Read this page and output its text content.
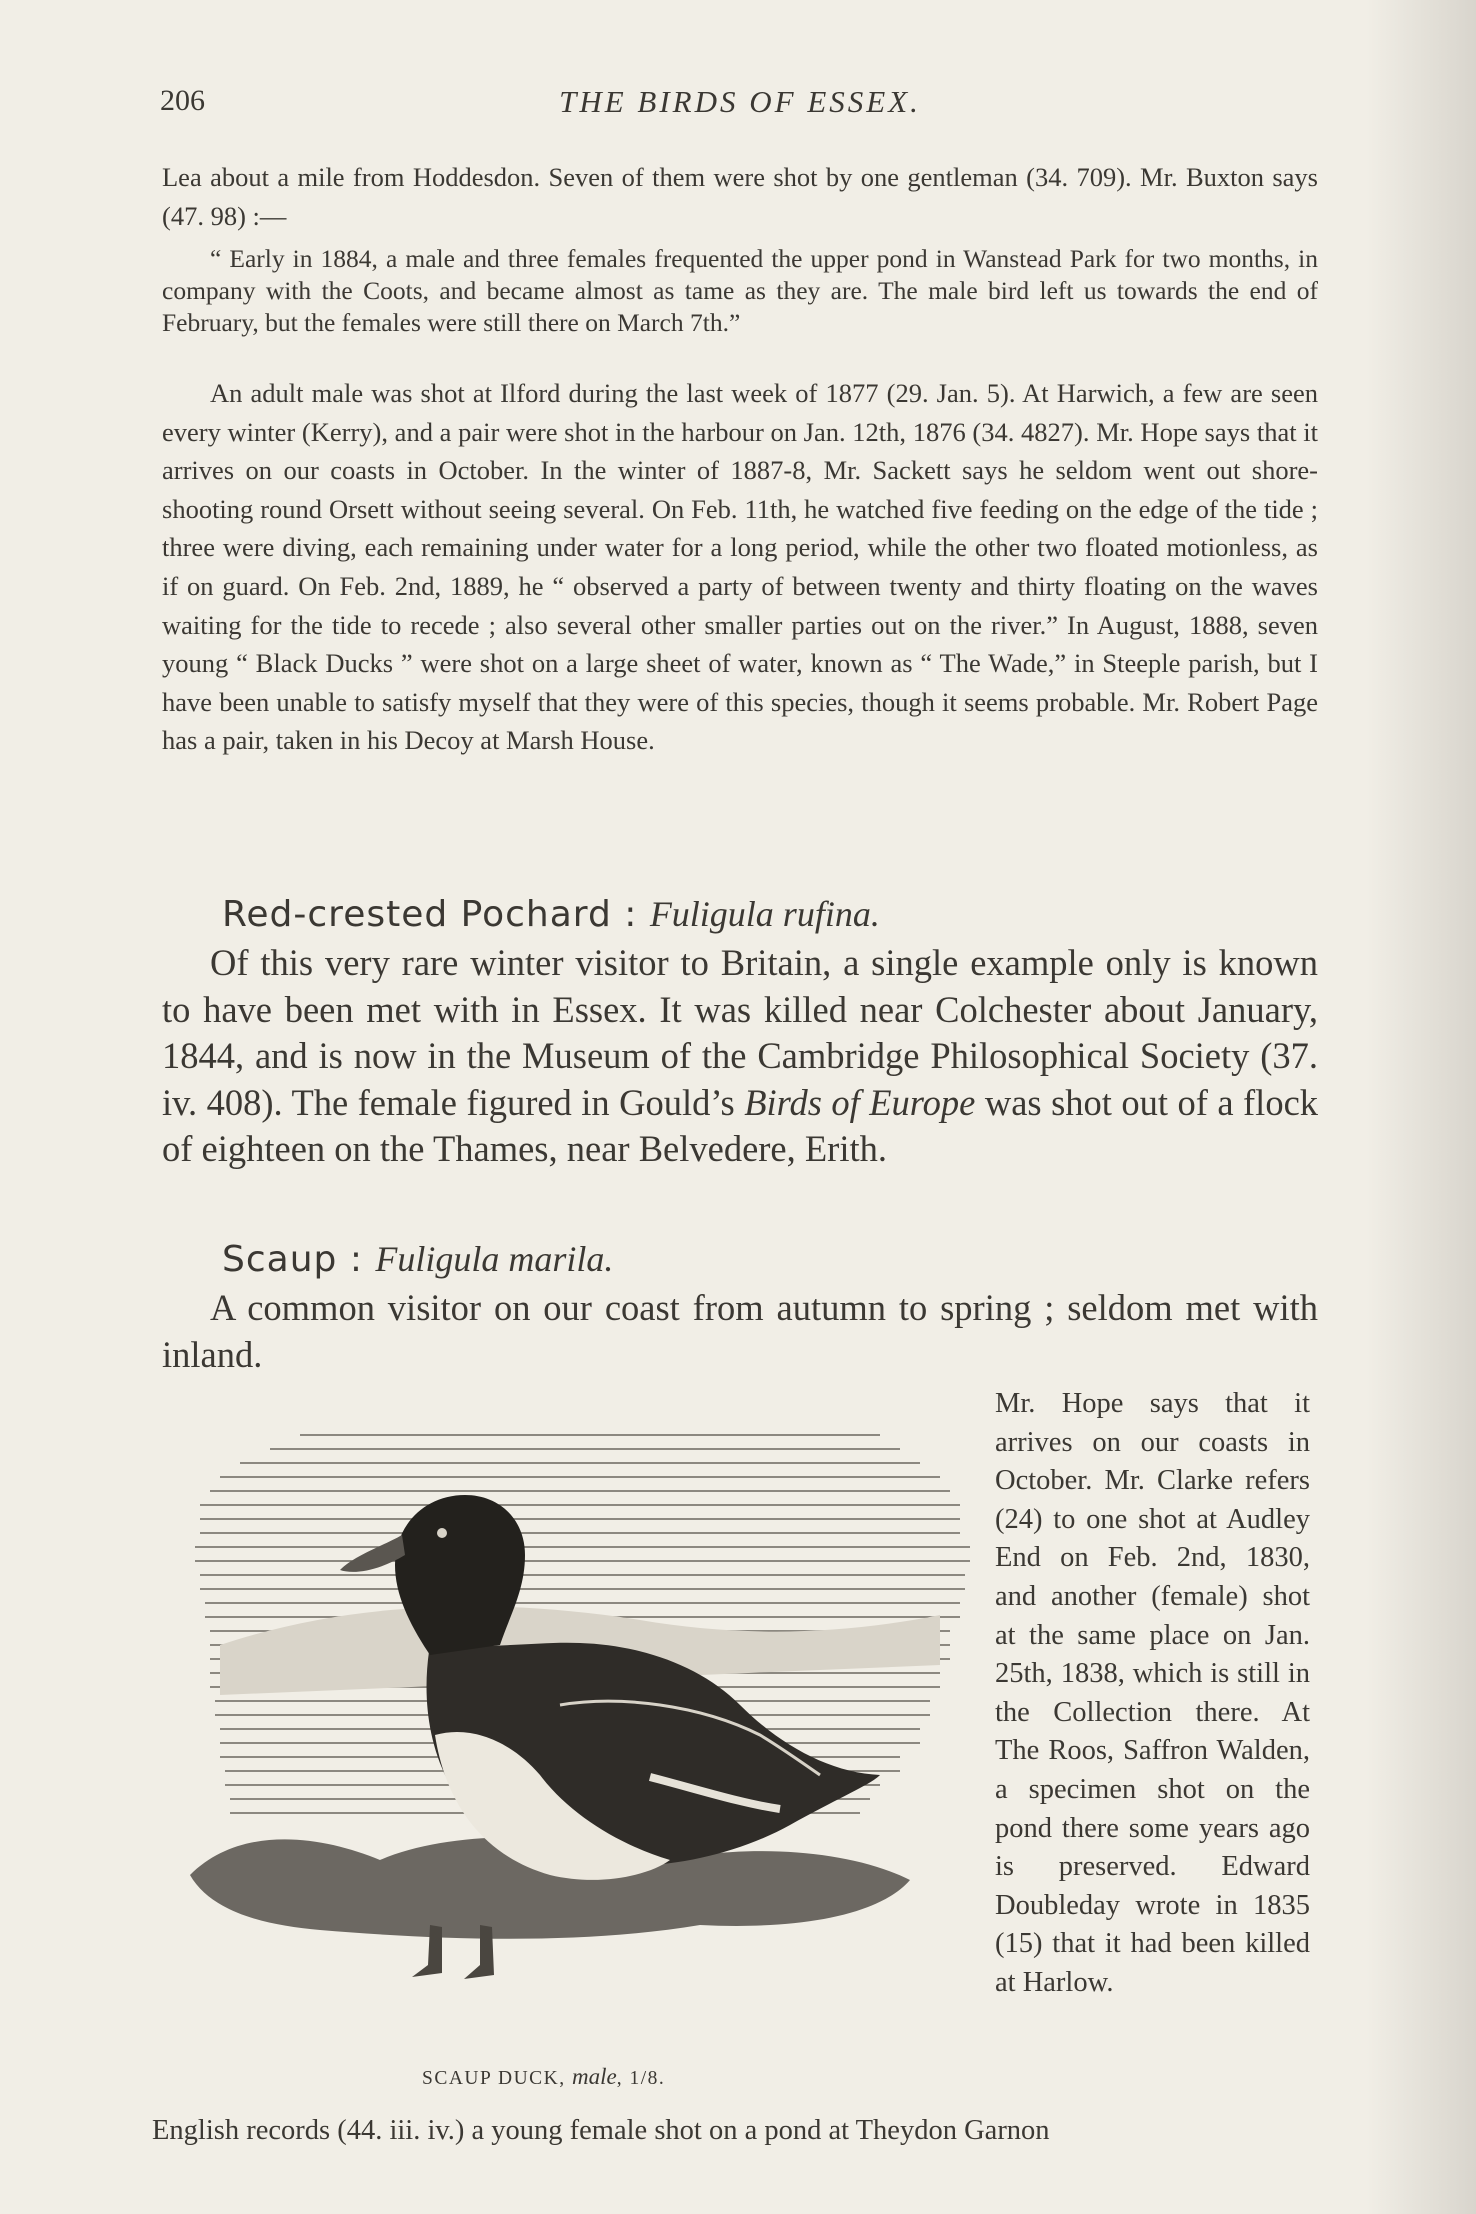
206	THE BIRDS OF ESSEX.

Lea about a mile from Hoddesdon. Seven of them were shot by one gentleman (34. 709). Mr. Buxton says (47. 98) :—

“ Early in 1884, a male and three females frequented the upper pond in Wanstead Park for two months, in company with the Coots, and became almost as tame as they are. The male bird left us towards the end of February, but the females were still there on March 7th.”

An adult male was shot at Ilford during the last week of 1877 (29. Jan. 5). At Harwich, a few are seen every winter (Kerry), and a pair were shot in the harbour on Jan. 12th, 1876 (34. 4827). Mr. Hope says that it arrives on our coasts in October. In the winter of 1887-8, Mr. Sackett says he seldom went out shore-shooting round Orsett without seeing several. On Feb. 11th, he watched five feeding on the edge of the tide ; three were diving, each remaining under water for a long period, while the other two floated motionless, as if on guard. On Feb. 2nd, 1889, he “ observed a party of between twenty and thirty floating on the waves waiting for the tide to recede ; also several other smaller parties out on the river.” In August, 1888, seven young “ Black Ducks ” were shot on a large sheet of water, known as “ The Wade,” in Steeple parish, but I have been unable to satisfy myself that they were of this species, though it seems probable. Mr. Robert Page has a pair, taken in his Decoy at Marsh House.

Red-crested Pochard : Fuligula rufina.

Of this very rare winter visitor to Britain, a single example only is known to have been met with in Essex. It was killed near Colchester about January, 1844, and is now in the Museum of the Cambridge Philosophical Society (37. iv. 408). The female figured in Gould’s Birds of Europe was shot out of a flock of eighteen on the Thames, near Belvedere, Erith.

Scaup : Fuligula marila.

A common visitor on our coast from autumn to spring ; seldom met with inland.

Mr. Hope says that it arrives on our coasts in October. Mr. Clarke refers (24) to one shot at Audley End on Feb. 2nd, 1830, and another (female) shot at the same place on Jan. 25th, 1838, which is still in the Collection there. At The Roos, Saffron Walden, a specimen shot on the pond there some years ago is preserved. Edward Doubleday wrote in 1835 (15) that it had been killed at Harlow.

SCAUP DUCK, male, 1/8.

English records (44. iii. iv.) a young female shot on a pond at Theydon Garnon
